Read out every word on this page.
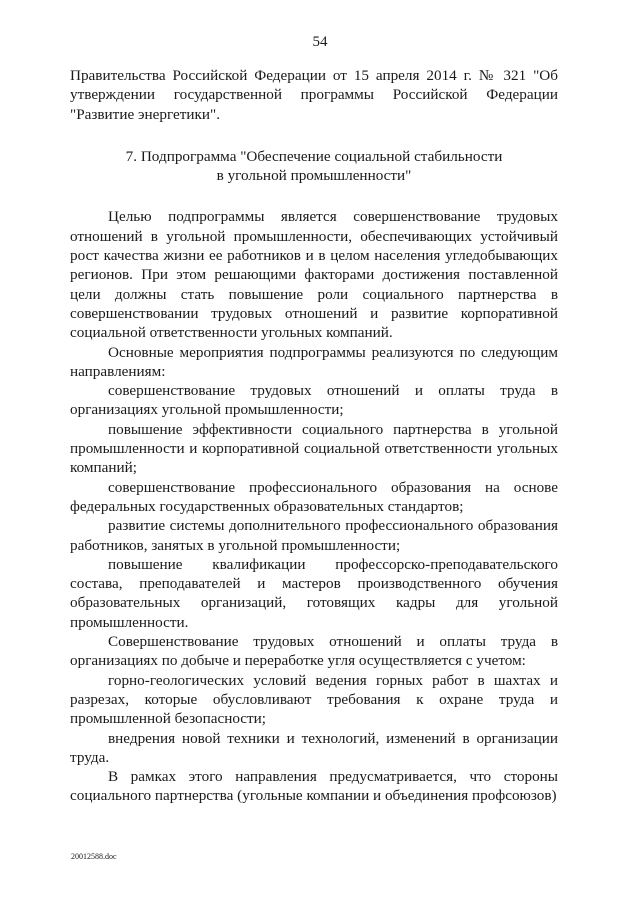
54

Правительства Российской Федерации от 15 апреля 2014 г. № 321 "Об утверждении государственной программы Российской Федерации "Развитие энергетики".

7. Подпрограмма "Обеспечение социальной стабильности

в угольной промышленности"

Целью подпрограммы является совершенствование трудовых отношений в угольной промышленности, обеспечивающих устойчивый рост качества жизни ее работников и в целом населения угледобывающих регионов. При этом решающими факторами достижения поставленной цели должны стать повышение роли социального партнерства в совершенствовании трудовых отношений и развитие корпоративной социальной ответственности угольных компаний.

Основные мероприятия подпрограммы реализуются по следующим направлениям:

совершенствование трудовых отношений и оплаты труда в организациях угольной промышленности;

повышение эффективности социального партнерства в угольной промышленности и корпоративной социальной ответственности угольных компаний;

совершенствование профессионального образования на основе федеральных государственных образовательных стандартов;

развитие системы дополнительного профессионального образования работников, занятых в угольной промышленности;

повышение квалификации профессорско-преподавательского состава, преподавателей и мастеров производственного обучения образовательных организаций, готовящих кадры для угольной промышленности.

Совершенствование трудовых отношений и оплаты труда в организациях по добыче и переработке угля осуществляется с учетом:

горно-геологических условий ведения горных работ в шахтах и разрезах, которые обусловливают требования к охране труда и промышленной безопасности;

внедрения новой техники и технологий, изменений в организации труда.

В рамках этого направления предусматривается, что стороны социального партнерства (угольные компании и объединения профсоюзов)

20012588.doc
